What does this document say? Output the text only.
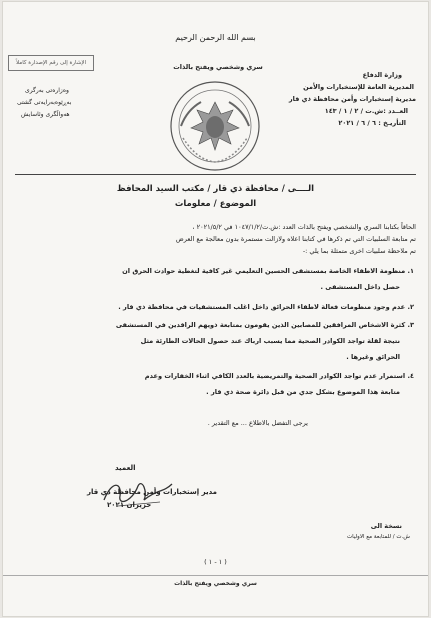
بسم الله الرحمن الرحيم
الإشارة إلى رقم الإصدارة كاملاً	سري وشخصي ويفتح بالذات
وزارة الدفاع
المديرية العامة للإستخبارات والأمن
مديرية إستخبارات وأمن محافظة ذي قار
العــدد :ش.ت / ٢ / ١ / ١٤٣
التأريـخ : ٦ / ٦ / ٢٠٢١
وەزارەتی بەرگری
بەڕێوەبەرایەتی گشتی
هەواڵگری وئاسایش
الــــى / محافظة ذي قار / مكتب السيد المحافظ
الموضوع / معلومات
الحاقاً بكتابنا السري والشخصي ويفتح بالذات العدد :ش.ت/١٠٤٧/١/٢ في ٢٠٢١/٥/٢ ،
تم متابعة السلبيات التي تم ذكرها في كتابنا اعلاه ولازالت مستمرة بدون معالجة مع العرض
تم ملاحظة سلبيات اخرى متمثلة بما يلي :-
١. منظومة الاطفاء الخاصة بمستشفى الحسين التعليمي غير كافية لتغطية حوادث الحرق ان
حصل داخل المستشفى .
٢. عدم وجود منظومات فعالة لاطفاء الحرائق داخل اغلب المستشفيات في محافظة ذي قار .
٣. كثرة الاشخاص المرافقين للمصابين الذين يقومون بمتابعة ذويهم الراقدين في المستشفى
نتيجة لقلة تواجد الكوادر الصحية مما يسبب ارباك عند حصول الحالات الطارئة مثل
الحرائق وغيرها .
٤. استمرار عدم تواجد الكوادر الصحية والتمريضية بالعدد الكافي اثناء الخفارات وعدم
متابعة هذا الموضوع بشكل جدي من قبل دائرة صحة ذي قار .
يرجى التفضل بالاطلاع ... مع التقدير .
العميد
مدير إستخبارات وأمن محافظة ذي قار
حزيران ٢٠٢١
نسخة الى
ش.ت / للمتابعة مع الاوليات
( ١ - ١ )
سري وشخصي ويفتح بالذات
